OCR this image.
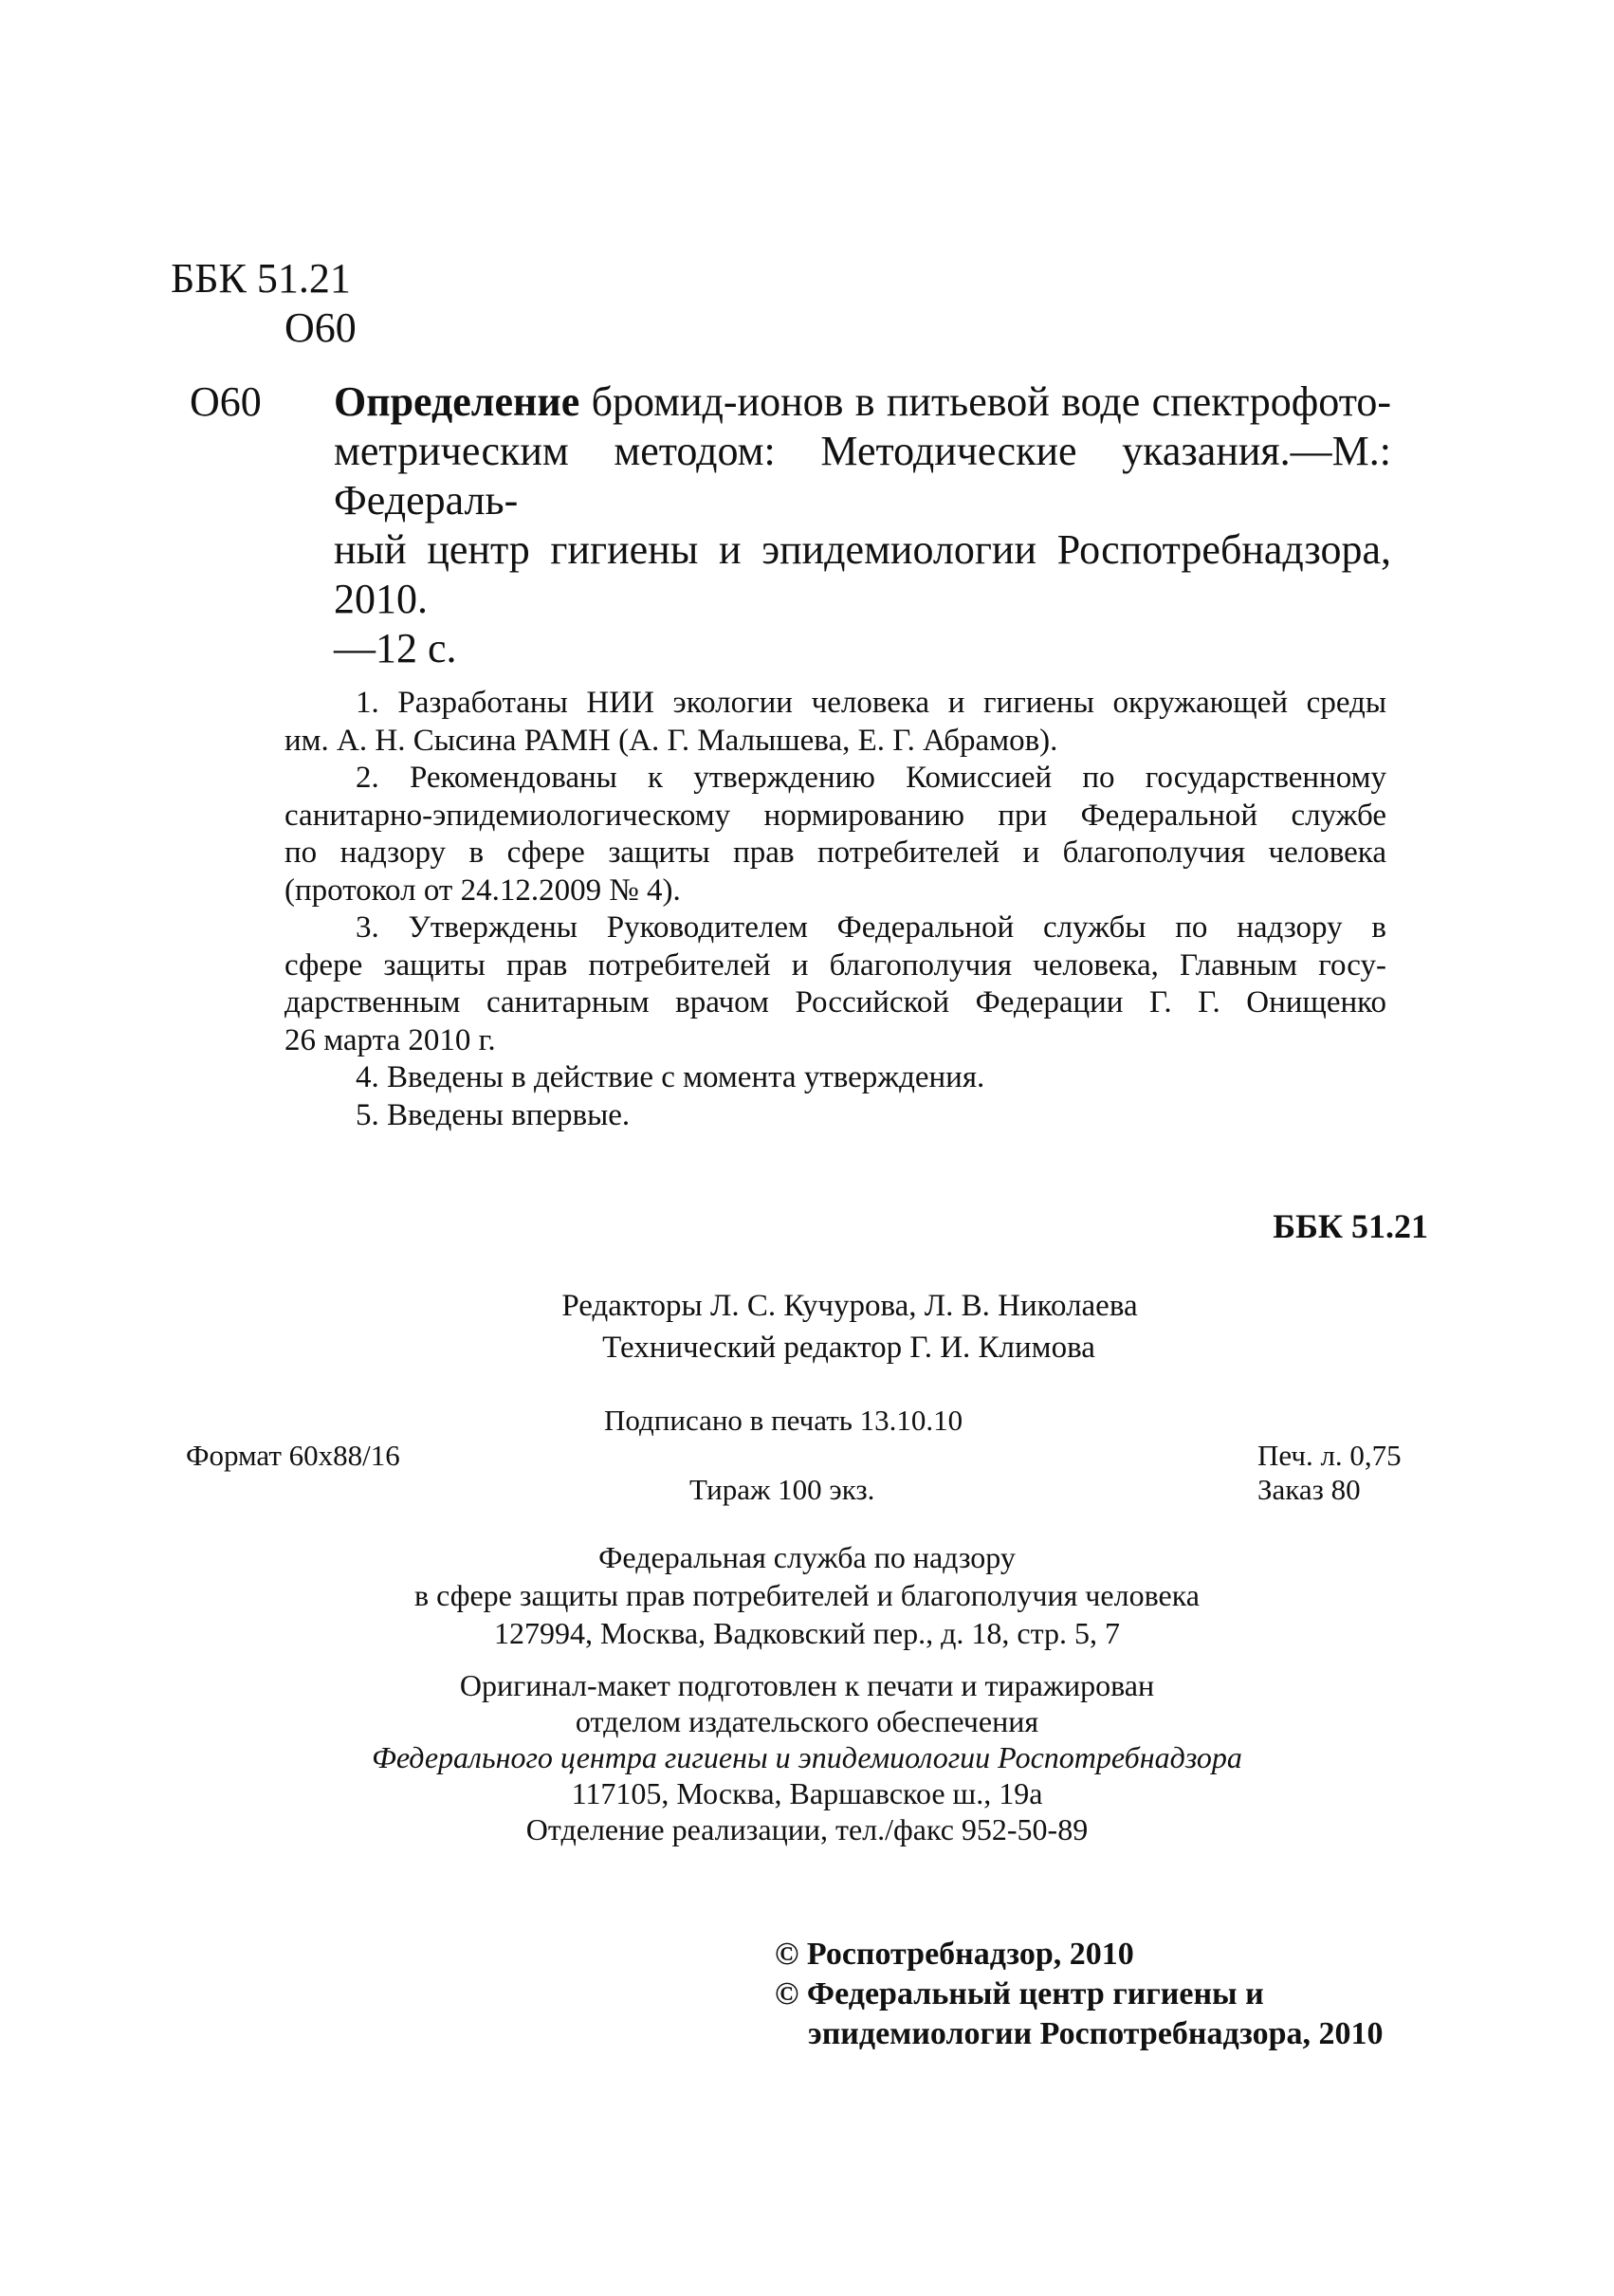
ББК 51.21
О60
О60 Определение бромид-ионов в питьевой воде спектрофото-
метрическим методом: Методические указания.—М.: Федераль-
ный центр гигиены и эпидемиологии Роспотребнадзора, 2010.
—12 с.
1. Разработаны НИИ экологии человека и гигиены окружающей среды
им. А. Н. Сысина РАМН (А. Г. Малышева, Е. Г. Абрамов).
2. Рекомендованы к утверждению Комиссией по государственному
санитарно-эпидемиологическому нормированию при Федеральной службе
по надзору в сфере защиты прав потребителей и благополучия человека
(протокол от 24.12.2009 № 4).
3. Утверждены Руководителем Федеральной службы по надзору в
сфере защиты прав потребителей и благополучия человека, Главным госу-
дарственным санитарным врачом Российской Федерации Г. Г. Онищенко
26 марта 2010 г.
4. Введены в действие с момента утверждения.
5. Введены впервые.
ББК 51.21
Редакторы Л. С. Кучурова, Л. В. Николаева
Технический редактор Г. И. Климова
Подписано в печать 13.10.10
Формат 60x88/16	Печ. л. 0,75
Тираж 100 экз.	Заказ 80
Федеральная служба по надзору
в сфере защиты прав потребителей и благополучия человека
127994, Москва, Вадковский пер., д. 18, стр. 5, 7
Оригинал-макет подготовлен к печати и тиражирован
отделом издательского обеспечения
Федерального центра гигиены и эпидемиологии Роспотребнадзора
117105, Москва, Варшавское ш., 19а
Отделение реализации, тел./факс 952-50-89
© Роспотребнадзор, 2010
© Федеральный центр гигиены и
эпидемиологии Роспотребнадзора, 2010
